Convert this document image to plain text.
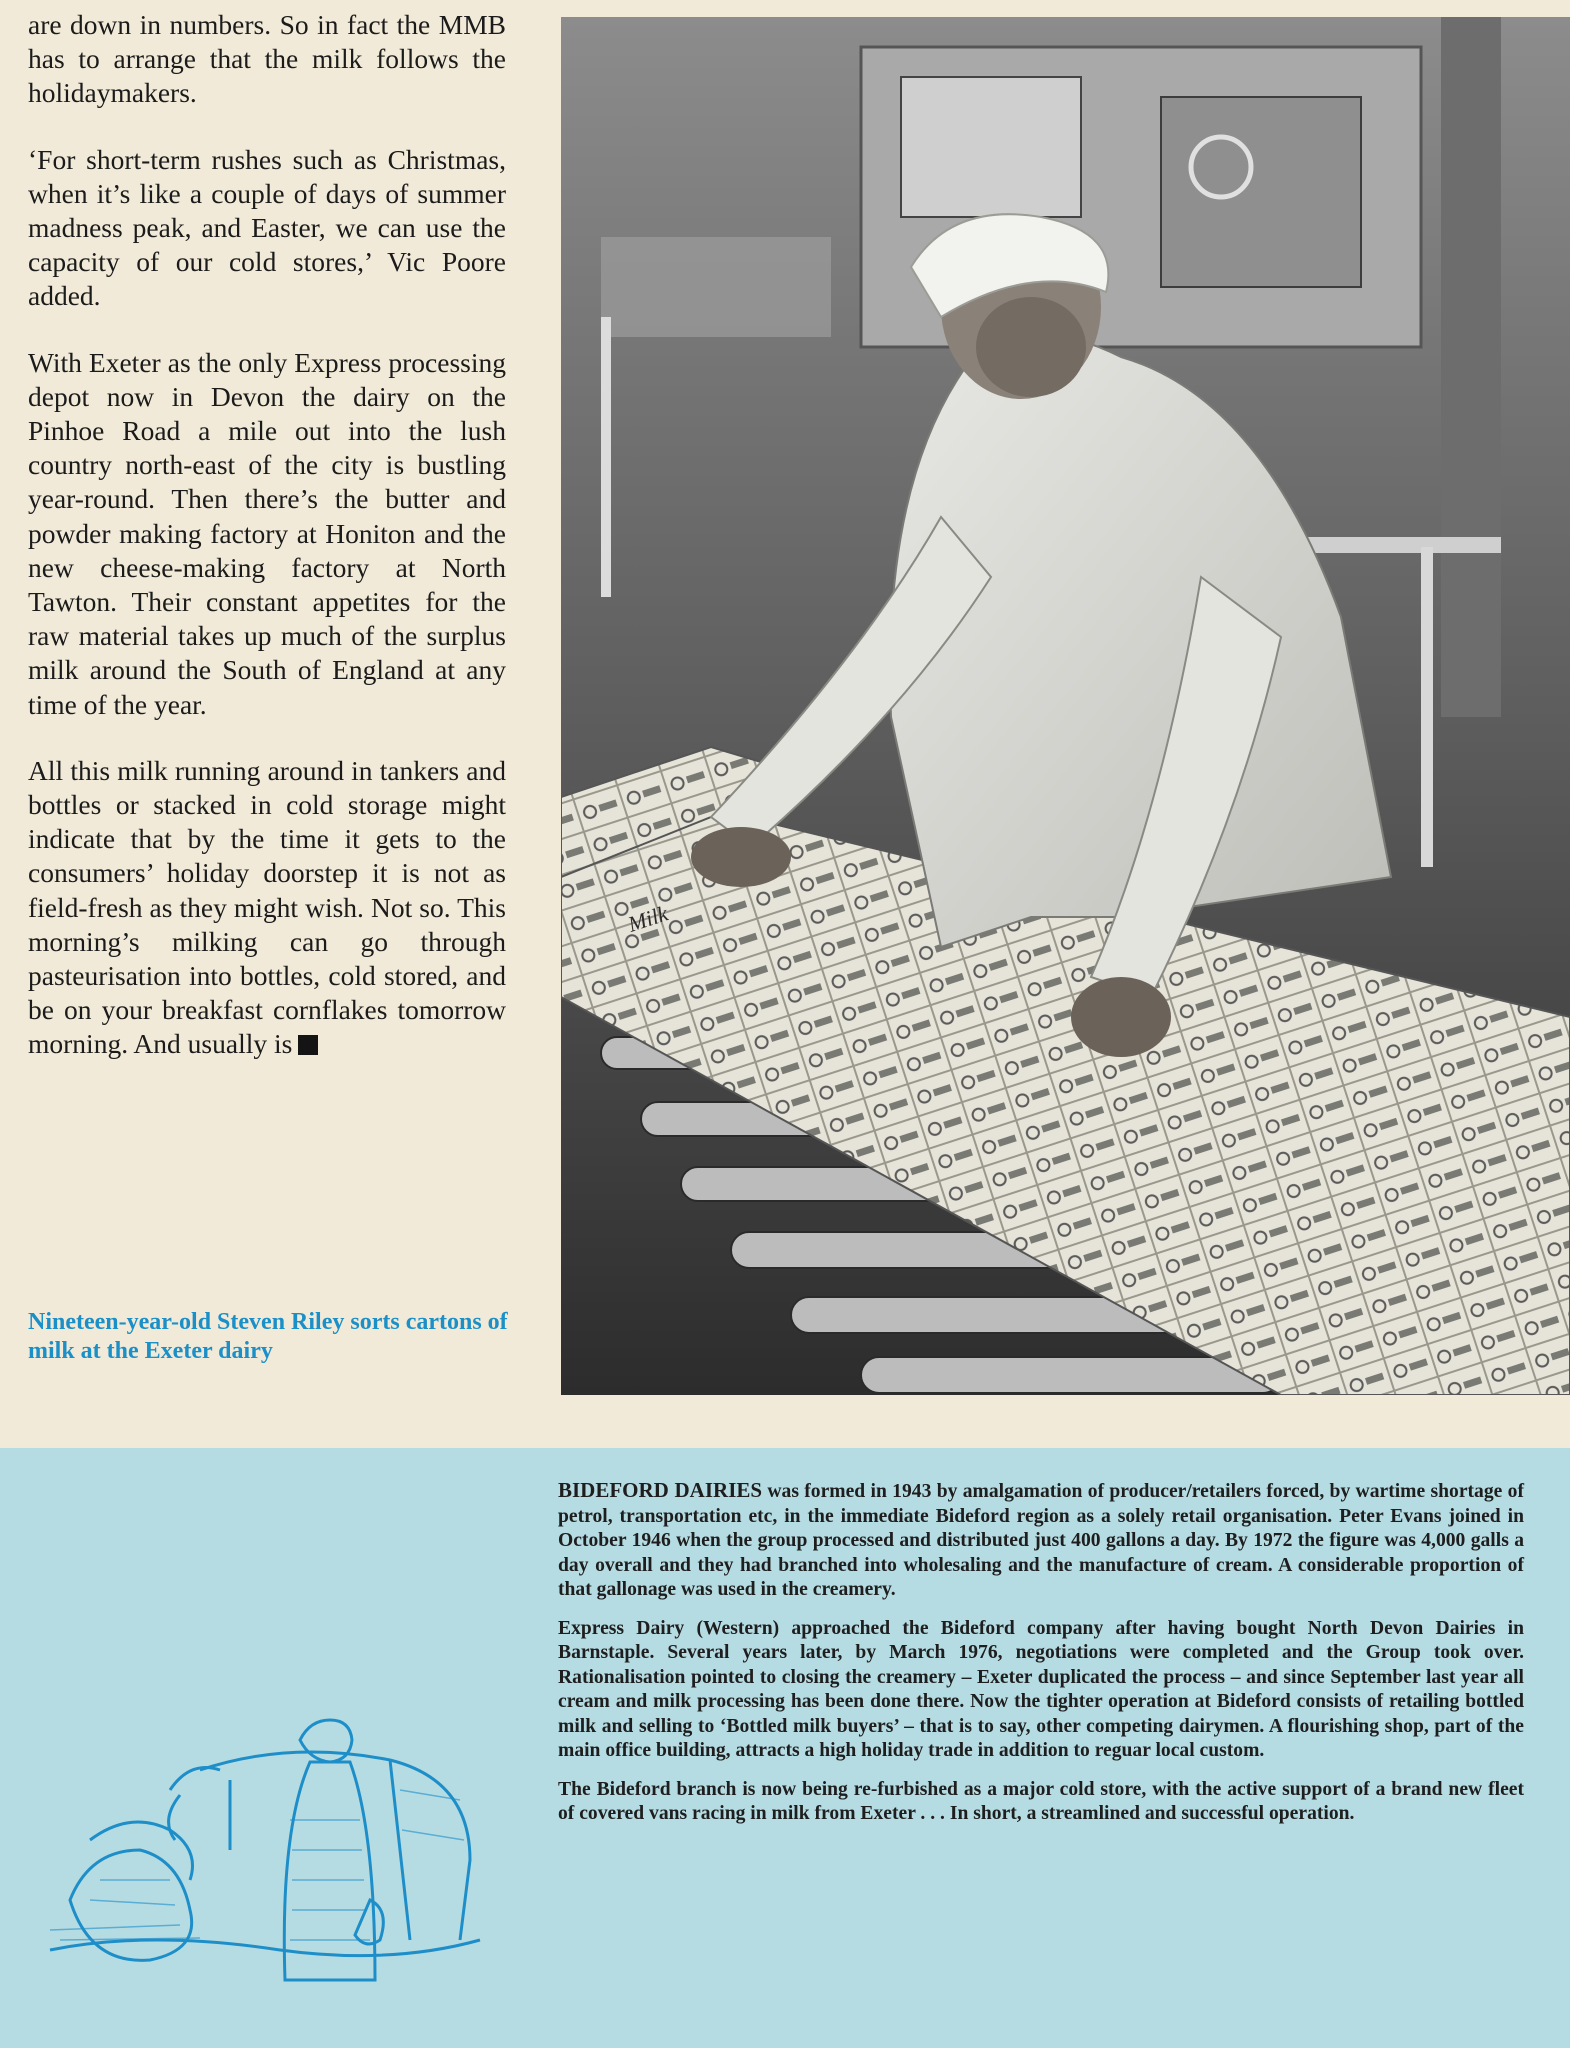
are down in numbers. So in fact the MMB has to arrange that the milk follows the holidaymakers.

‘For short-term rushes such as Christmas, when it’s like a couple of days of summer madness peak, and Easter, we can use the capacity of our cold stores,’ Vic Poore added.

With Exeter as the only Express processing depot now in Devon the dairy on the Pinhoe Road a mile out into the lush country north-east of the city is bustling year-round. Then there’s the butter and powder making factory at Honiton and the new cheese-making factory at North Tawton. Their constant appetites for the raw material takes up much of the surplus milk around the South of England at any time of the year.

All this milk running around in tankers and bottles or stacked in cold storage might indicate that by the time it gets to the consumers’ holiday doorstep it is not as field-fresh as they might wish. Not so. This morning’s milking can go through pasteurisation into bottles, cold stored, and be on your breakfast cornflakes tomorrow morning. And usually is

Nineteen-year-old Steven Riley sorts cartons of milk at the Exeter dairy
Milk

BIDEFORD DAIRIES was formed in 1943 by amalgamation of producer/retailers forced, by wartime shortage of petrol, transportation etc, in the immediate Bideford region as a solely retail organisation. Peter Evans joined in October 1946 when the group processed and distributed just 400 gallons a day. By 1972 the figure was 4,000 galls a day overall and they had branched into wholesaling and the manufacture of cream. A considerable proportion of that gallonage was used in the creamery.

Express Dairy (Western) approached the Bideford company after having bought North Devon Dairies in Barnstaple. Several years later, by March 1976, negotiations were completed and the Group took over. Rationalisation pointed to closing the creamery – Exeter duplicated the process – and since September last year all cream and milk processing has been done there. Now the tighter operation at Bideford consists of retailing bottled milk and selling to ‘Bottled milk buyers’ – that is to say, other competing dairymen. A flourishing shop, part of the main office building, attracts a high holiday trade in addition to reguar local custom.

The Bideford branch is now being re-furbished as a major cold store, with the active support of a brand new fleet of covered vans racing in milk from Exeter . . . In short, a streamlined and successful operation.
